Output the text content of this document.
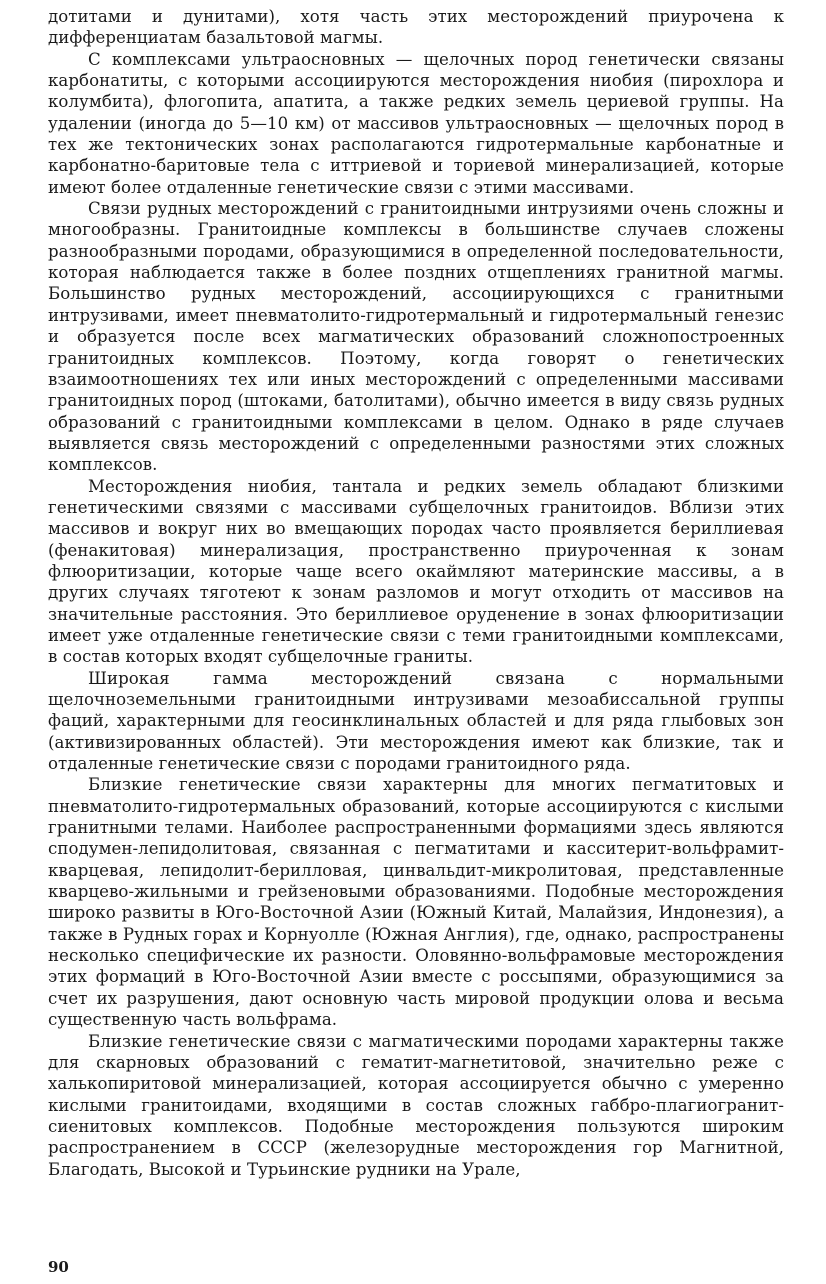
дотитами и дунитами), хотя часть этих месторождений приурочена к дифференциатам базальтовой магмы.

С комплексами ультраосновных — щелочных пород генетически связаны карбонатиты, с которыми ассоциируются месторождения ниобия (пирохлора и колумбита), флогопита, апатита, а также редких земель цериевой группы. На удалении (иногда до 5—10 км) от массивов ультраосновных — щелочных пород в тех же тектонических зонах располагаются гидротермальные карбонатные и карбонатно-баритовые тела с иттриевой и ториевой минерализацией, которые имеют более отдаленные генетические связи с этими массивами.

Связи рудных месторождений с гранитоидными интрузиями очень сложны и многообразны. Гранитоидные комплексы в большинстве случаев сложены разнообразными породами, образующимися в определенной последовательности, которая наблюдается также в более поздних отщеплениях гранитной магмы. Большинство рудных месторождений, ассоциирующихся с гранитными интрузивами, имеет пневматолито-гидротермальный и гидротермальный генезис и образуется после всех магматических образований сложнопостроенных гранитоидных комплексов. Поэтому, когда говорят о генетических взаимоотношениях тех или иных месторождений с определенными массивами гранитоидных пород (штоками, батолитами), обычно имеется в виду связь рудных образований с гранитоидными комплексами в целом. Однако в ряде случаев выявляется связь месторождений с определенными разностями этих сложных комплексов.

Месторождения ниобия, тантала и редких земель обладают близкими генетическими связями с массивами субщелочных гранитоидов. Вблизи этих массивов и вокруг них во вмещающих породах часто проявляется бериллиевая (фенакитовая) минерализация, пространственно приуроченная к зонам флюоритизации, которые чаще всего окаймляют материнские массивы, а в других случаях тяготеют к зонам разломов и могут отходить от массивов на значительные расстояния. Это бериллиевое оруденение в зонах флюоритизации имеет уже отдаленные генетические связи с теми гранитоидными комплексами, в состав которых входят субщелочные граниты.

Широкая гамма месторождений связана с нормальными щелочноземельными гранитоидными интрузивами мезоабиссальной группы фаций, характерными для геосинклинальных областей и для ряда глыбовых зон (активизированных областей). Эти месторождения имеют как близкие, так и отдаленные генетические связи с породами гранитоидного ряда.

Близкие генетические связи характерны для многих пегматитовых и пневматолито-гидротермальных образований, которые ассоциируются с кислыми гранитными телами. Наиболее распространенными формациями здесь являются сподумен-лепидолитовая, связанная с пегматитами и касситерит-вольфрамит-кварцевая, лепидолит-берилловая, цинвальдит-микролитовая, представленные кварцево-жильными и грейзеновыми образованиями. Подобные месторождения широко развиты в Юго-Восточной Азии (Южный Китай, Малайзия, Индонезия), а также в Рудных горах и Корнуолле (Южная Англия), где, однако, распространены несколько специфические их разности. Оловянно-вольфрамовые месторождения этих формаций в Юго-Восточной Азии вместе с россыпями, образующимися за счет их разрушения, дают основную часть мировой продукции олова и весьма существенную часть вольфрама.

Близкие генетические связи с магматическими породами характерны также для скарновых образований с гематит-магнетитовой, значительно реже с халькопиритовой минерализацией, которая ассоциируется обычно с умеренно кислыми гранитоидами, входящими в состав сложных габбро-плагиогранит-сиенитовых комплексов. Подобные месторождения пользуются широким распространением в СССР (железорудные месторождения гор Магнитной, Благодать, Высокой и Турьинские рудники на Урале,

90
